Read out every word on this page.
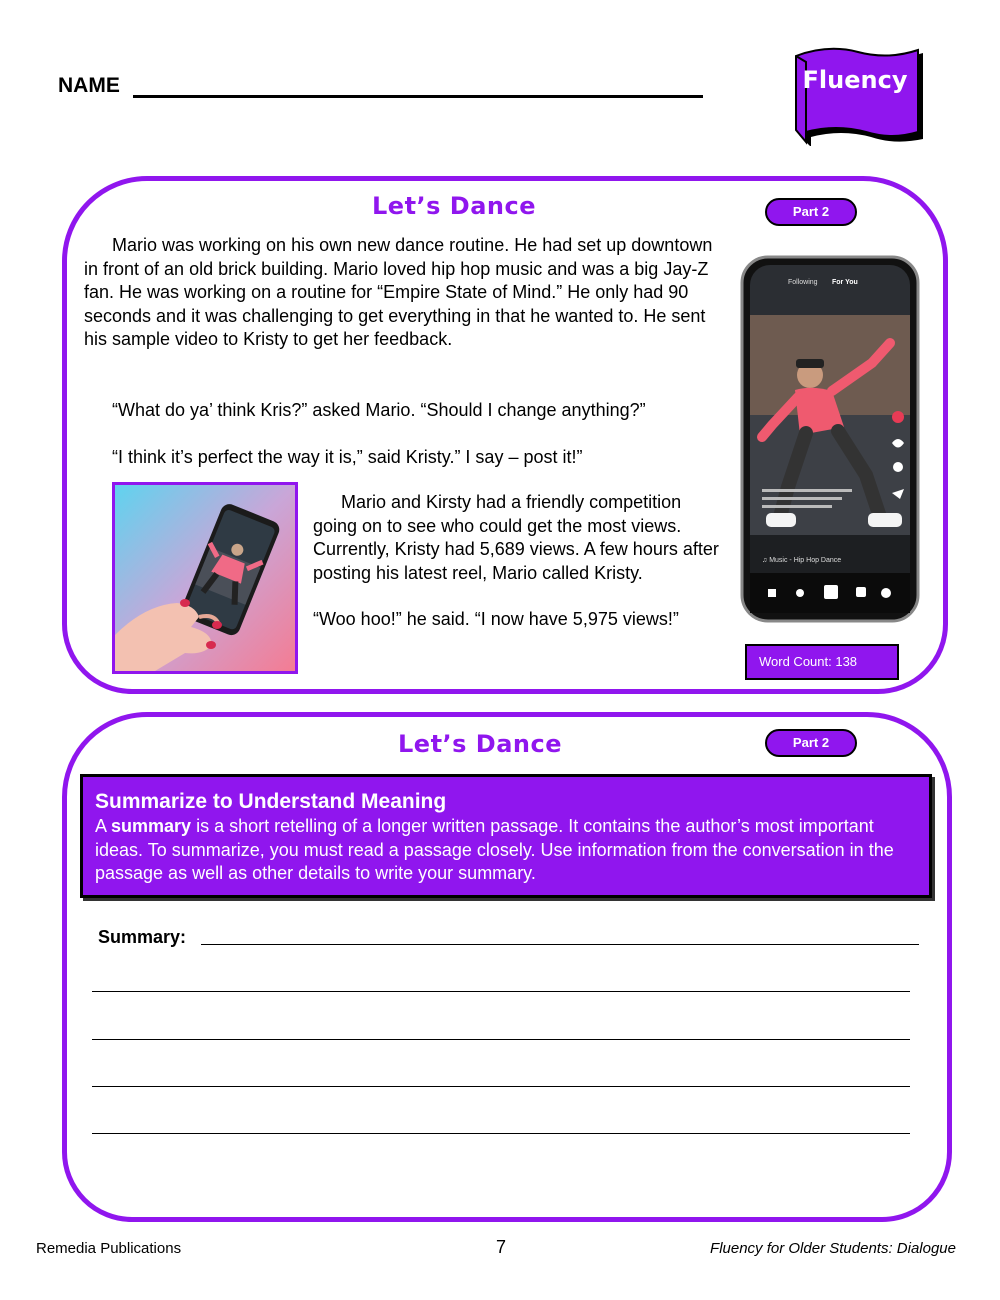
NAME	Fluency
Let’s Dance	Part 2
Mario was working on his own new dance routine. He had set up downtown in front of an old brick building. Mario loved hip hop music and was a big Jay-Z fan. He was working on a routine for “Empire State of Mind.” He only had 90 seconds and it was challenging to get everything in that he wanted to. He sent his sample video to Kristy to get her feedback.
“What do ya’ think Kris?” asked Mario. “Should I change anything?”
“I think it’s perfect the way it is,” said Kristy.” I say – post it!”
Mario and Kirsty had a friendly competition going on to see who could get the most views. Currently, Kristy had 5,689 views. A few hours after posting his latest reel, Mario called Kristy.
“Woo hoo!” he said. “I now have 5,975 views!”
Following For You
♫ Music - Hip Hop Dance
Word Count: 138
Let’s Dance	Part 2
Summarize to Understand Meaning
A summary is a short retelling of a longer written passage. It contains the author’s most important ideas. To summarize, you must read a passage closely. Use information from the conversation in the passage as well as other details to write your summary.
Summary:
Remedia Publications	7	Fluency for Older Students: Dialogue
